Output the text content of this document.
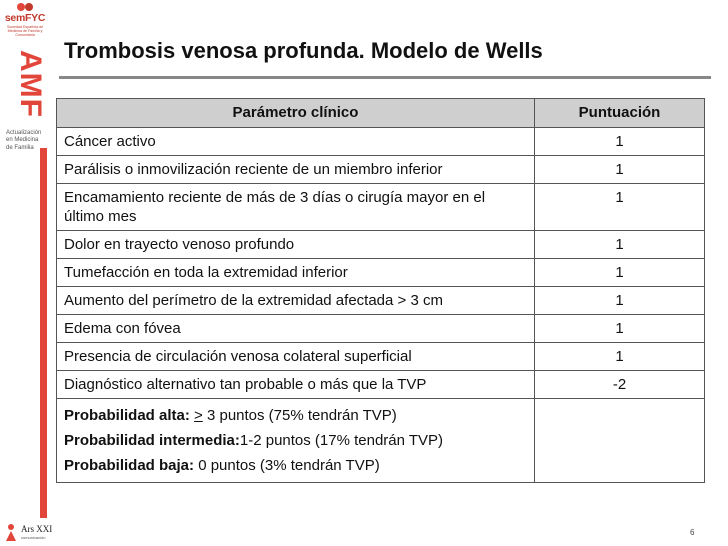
semFYC
Sociedad Española de Medicina de Familia y Comunitaria
AMF
Actualización
en Medicina
de Familia
Ars XXI
comunicación
Trombosis venosa profunda. Modelo de Wells
Parámetro clínico	Puntuación
Cáncer activo	1
Parálisis o inmovilización reciente de un miembro inferior	1
Encamamiento reciente de más de 3 días o cirugía mayor en el último mes	1
Dolor en trayecto venoso profundo	1
Tumefacción en toda la extremidad inferior	1
Aumento del perímetro de la extremidad afectada > 3 cm	1
Edema con fóvea	1
Presencia de circulación venosa colateral superficial	1
Diagnóstico alternativo tan probable o más que la TVP	-2

Probabilidad alta: > 3 puntos (75% tendrán TVP)
Probabilidad intermedia:1-2 puntos (17% tendrán TVP)
Probabilidad baja: 0 puntos (3% tendrán TVP)	

6
